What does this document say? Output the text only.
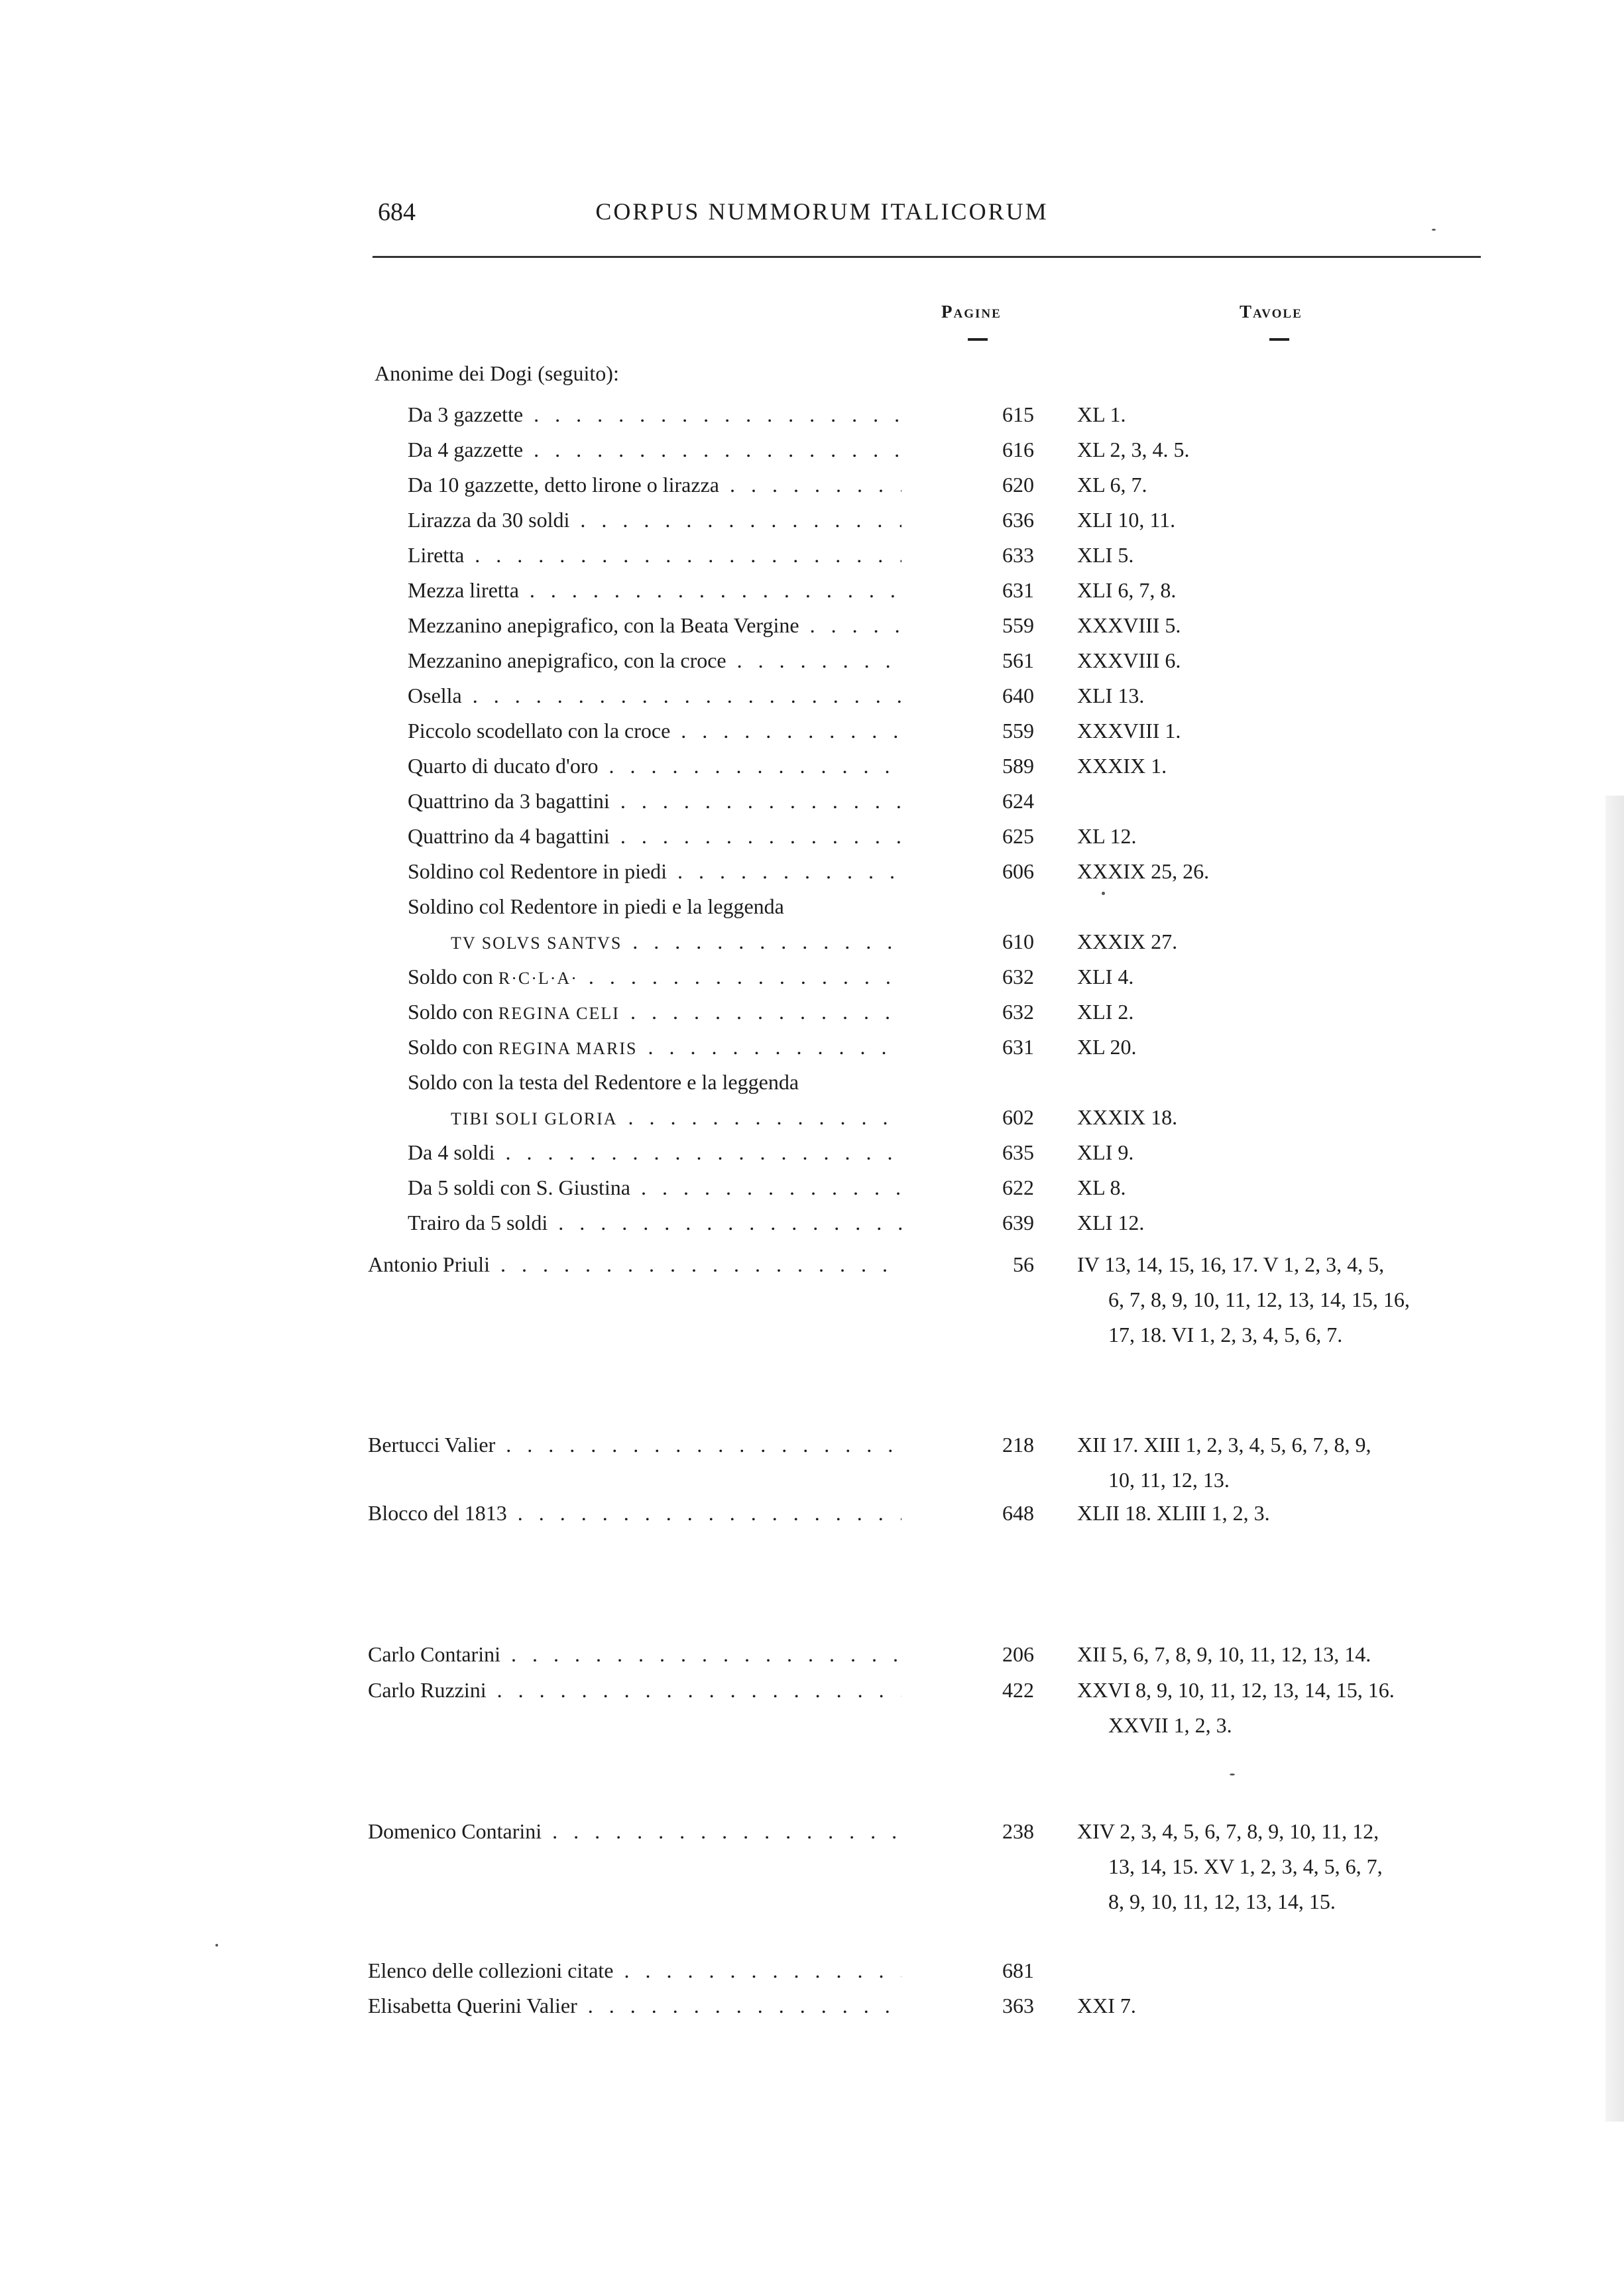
684	CORPUS NUMMORUM ITALICORUM
Pagine	Tavole
Anonime dei Dogi (seguito):
Da 3 gazzette . . .	615 XL 1.
Da 4 gazzette . . .	616 XL 2, 3, 4. 5.
Da 10 gazzette, detto lirone o lirazza . . .	620 XL 6, 7.
Lirazza da 30 soldi . . .	636 XLI 10, 11.
Liretta . . .	633 XLI 5.
Mezza liretta . . .	631 XLI 6, 7, 8.
Mezzanino anepigrafico, con la Beata Vergine . . .	559 XXXVIII 5.
Mezzanino anepigrafico, con la croce . . .	561 XXXVIII 6.
Osella . . .	640 XLI 13.
Piccolo scodellato con la croce . . .	559 XXXVIII 1.
Quarto di ducato d'oro . . .	589 XXXIX 1.
Quattrino da 3 bagattini . . .	624
Quattrino da 4 bagattini . . .	625 XL 12.
Soldino col Redentore in piedi . . .	606 XXXIX 25, 26.
Soldino col Redentore in piedi e la leggenda
TV SOLVS SANTVS . . .	610 XXXIX 27.
Soldo con R·C·L·A· . . .	632 XLI 4.
Soldo con REGINA CELI . . .	632 XLI 2.
Soldo con REGINA MARIS . . .	631 XL 20.
Soldo con la testa del Redentore e la leggenda
TIBI SOLI GLORIA . . .	602 XXXIX 18.
Da 4 soldi . . .	635 XLI 9.
Da 5 soldi con S. Giustina . . .	622 XL 8.
Trairo da 5 soldi . . .	639 XLI 12.
Antonio Priuli . . .	56 IV 13, 14, 15, 16, 17. V 1, 2, 3, 4, 5,
6, 7, 8, 9, 10, 11, 12, 13, 14, 15, 16,
17, 18. VI 1, 2, 3, 4, 5, 6, 7.
Bertucci Valier . . .	218 XII 17. XIII 1, 2, 3, 4, 5, 6, 7, 8, 9,
10, 11, 12, 13.
Blocco del 1813 . . .	648 XLII 18. XLIII 1, 2, 3.
Carlo Contarini . . .	206 XII 5, 6, 7, 8, 9, 10, 11, 12, 13, 14.
Carlo Ruzzini . . .	422 XXVI 8, 9, 10, 11, 12, 13, 14, 15, 16.
XXVII 1, 2, 3.
Domenico Contarini . . .	238 XIV 2, 3, 4, 5, 6, 7, 8, 9, 10, 11, 12,
13, 14, 15. XV 1, 2, 3, 4, 5, 6, 7,
8, 9, 10, 11, 12, 13, 14, 15.
Elenco delle collezioni citate . . .	681
Elisabetta Querini Valier . . .	363 XXI 7.
